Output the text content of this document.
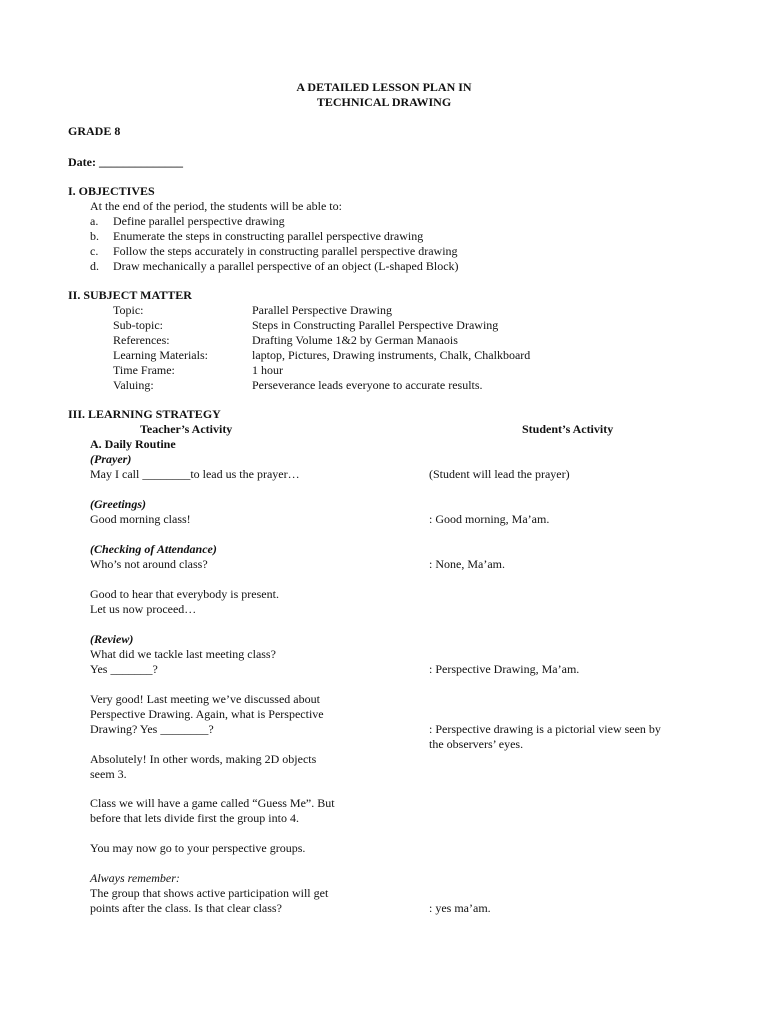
A DETAILED LESSON PLAN IN
TECHNICAL DRAWING
GRADE 8
Date: ______________
I. OBJECTIVES
At the end of the period, the students will be able to:
a. Define parallel perspective drawing
b. Enumerate the steps in constructing parallel perspective drawing
c. Follow the steps accurately in constructing parallel perspective drawing
d. Draw mechanically a parallel perspective of an object (L-shaped Block)
II. SUBJECT MATTER
Topic:	Parallel Perspective Drawing
Sub-topic:	Steps in Constructing Parallel Perspective Drawing
References:	Drafting Volume 1&2 by German Manaois
Learning Materials:	laptop, Pictures, Drawing instruments, Chalk, Chalkboard
Time Frame:	1 hour
Valuing:	Perseverance leads everyone to accurate results.
III. LEARNING STRATEGY
Teacher’s Activity	Student’s Activity
A. Daily Routine
(Prayer)
May I call ________to lead us the prayer…	(Student will lead the prayer)
(Greetings)
Good morning class!	: Good morning, Ma’am.
(Checking of Attendance)
Who’s not around class?	: None, Ma’am.
Good to hear that everybody is present.
Let us now proceed…
(Review)
What did we tackle last meeting class?
Yes _______?	: Perspective Drawing, Ma’am.
Very good! Last meeting we’ve discussed about
Perspective Drawing. Again, what is Perspective
Drawing? Yes ________?	: Perspective drawing is a pictorial view seen by
the observers’ eyes.
Absolutely! In other words, making 2D objects
seem 3.
Class we will have a game called “Guess Me”. But
before that lets divide first the group into 4.
You may now go to your perspective groups.
Always remember:
The group that shows active participation will get
points after the class. Is that clear class?	: yes ma’am.
